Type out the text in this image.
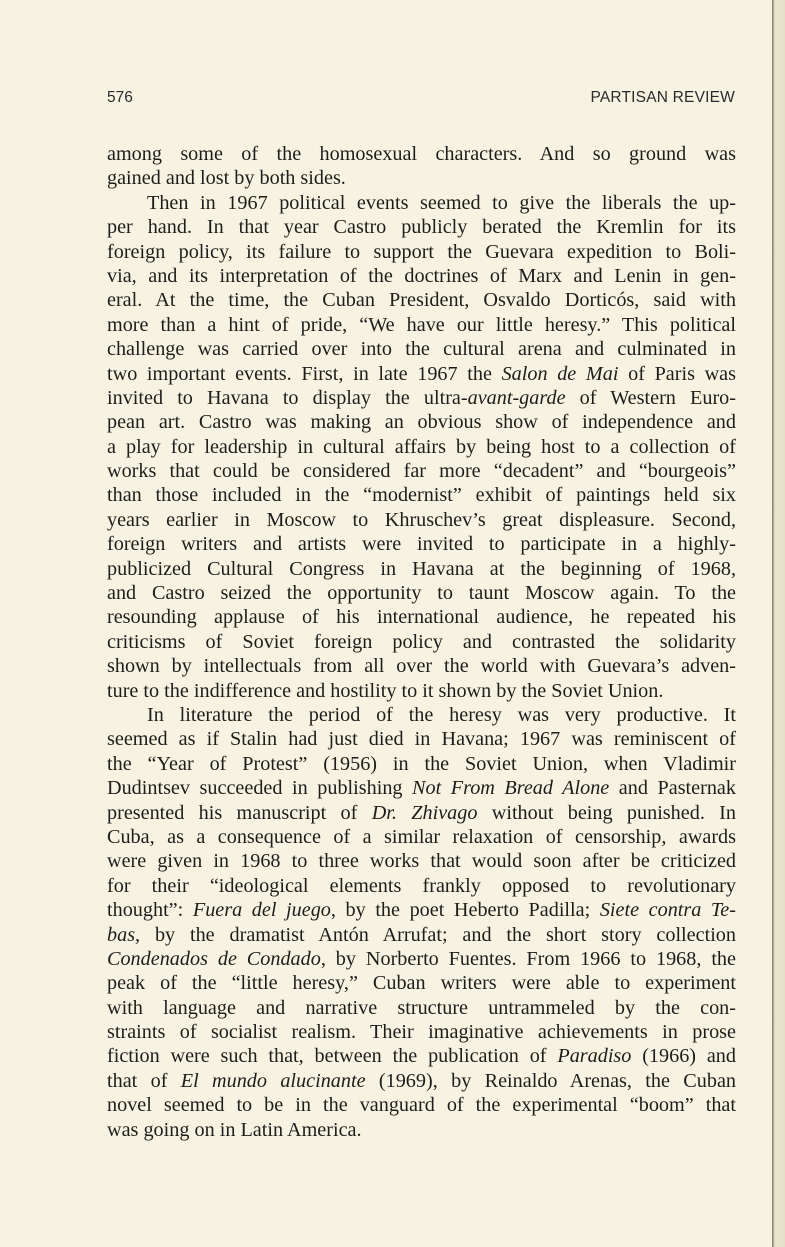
576	PARTISAN REVIEW
among some of the homosexual characters. And so ground was
gained and lost by both sides.
Then in 1967 political events seemed to give the liberals the up-
per hand. In that year Castro publicly berated the Kremlin for its
foreign policy, its failure to support the Guevara expedition to Boli-
via, and its interpretation of the doctrines of Marx and Lenin in gen-
eral. At the time, the Cuban President, Osvaldo Dorticós, said with
more than a hint of pride, “We have our little heresy.” This political
challenge was carried over into the cultural arena and culminated in
two important events. First, in late 1967 the Salon de Mai of Paris was
invited to Havana to display the ultra-avant-garde of Western Euro-
pean art. Castro was making an obvious show of independence and
a play for leadership in cultural affairs by being host to a collection of
works that could be considered far more “decadent” and “bourgeois”
than those included in the “modernist” exhibit of paintings held six
years earlier in Moscow to Khruschev’s great displeasure. Second,
foreign writers and artists were invited to participate in a highly-
publicized Cultural Congress in Havana at the beginning of 1968,
and Castro seized the opportunity to taunt Moscow again. To the
resounding applause of his international audience, he repeated his
criticisms of Soviet foreign policy and contrasted the solidarity
shown by intellectuals from all over the world with Guevara’s adven-
ture to the indifference and hostility to it shown by the Soviet Union.
In literature the period of the heresy was very productive. It
seemed as if Stalin had just died in Havana; 1967 was reminiscent of
the “Year of Protest” (1956) in the Soviet Union, when Vladimir
Dudintsev succeeded in publishing Not From Bread Alone and Pasternak
presented his manuscript of Dr. Zhivago without being punished. In
Cuba, as a consequence of a similar relaxation of censorship, awards
were given in 1968 to three works that would soon after be criticized
for their “ideological elements frankly opposed to revolutionary
thought”: Fuera del juego, by the poet Heberto Padilla; Siete contra Te-
bas, by the dramatist Antón Arrufat; and the short story collection
Condenados de Condado, by Norberto Fuentes. From 1966 to 1968, the
peak of the “little heresy,” Cuban writers were able to experiment
with language and narrative structure untrammeled by the con-
straints of socialist realism. Their imaginative achievements in prose
fiction were such that, between the publication of Paradiso (1966) and
that of El mundo alucinante (1969), by Reinaldo Arenas, the Cuban
novel seemed to be in the vanguard of the experimental “boom” that
was going on in Latin America.
